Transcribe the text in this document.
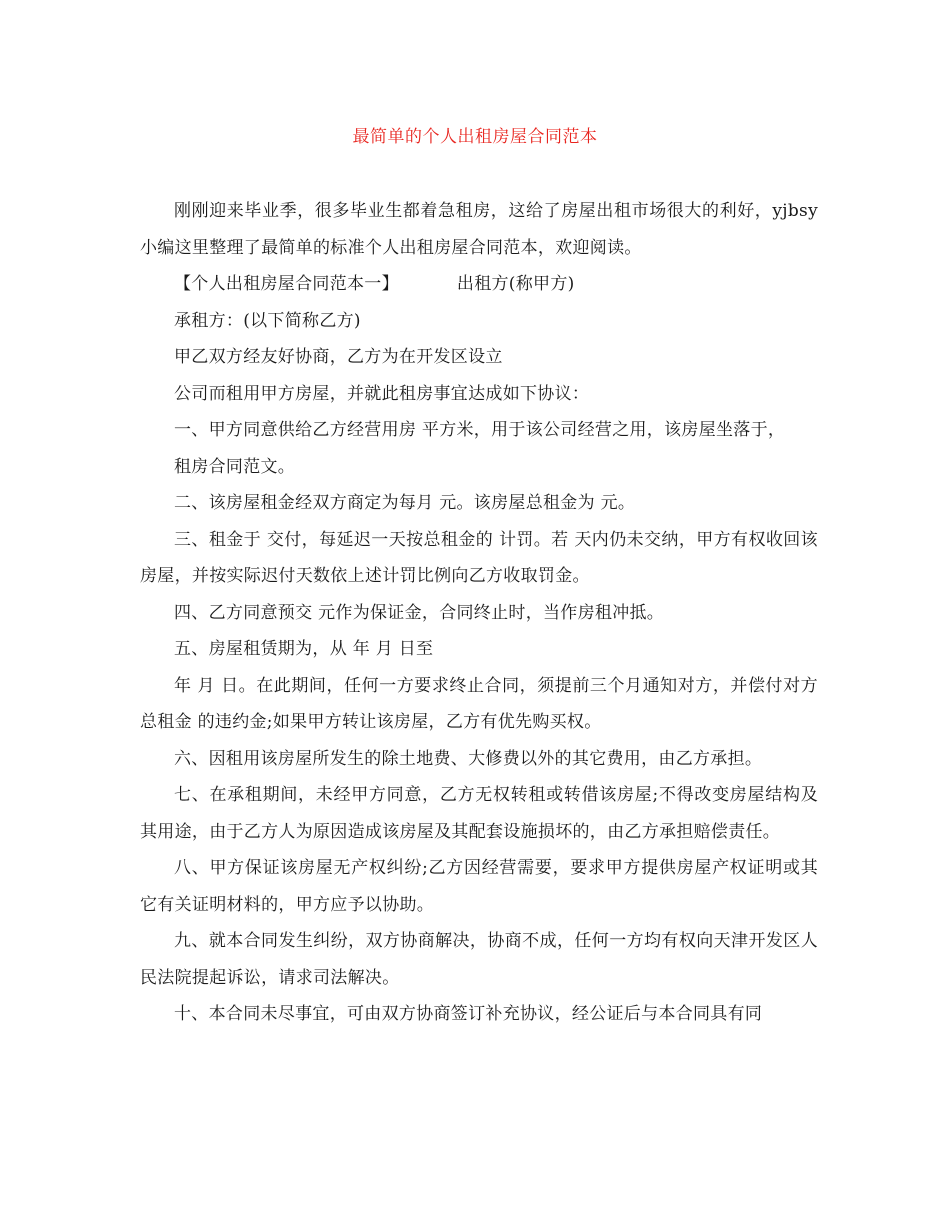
最简单的个人出租房屋合同范本

刚刚迎来毕业季，很多毕业生都着急租房，这给了房屋出租市场很大的利好，yjbsy 小编这里整理了最简单的标准个人出租房屋合同范本，欢迎阅读。

【个人出租房屋合同范本一】	出租方(称甲方)

承租方：(以下简称乙方)

甲乙双方经友好协商，乙方为在开发区设立

公司而租用甲方房屋，并就此租房事宜达成如下协议：

一、甲方同意供给乙方经营用房 平方米，用于该公司经营之用，该房屋坐落于，

租房合同范文。

二、该房屋租金经双方商定为每月 元。该房屋总租金为 元。

三、租金于 交付，每延迟一天按总租金的 计罚。若 天内仍未交纳，甲方有权收回该房屋，并按实际迟付天数依上述计罚比例向乙方收取罚金。

四、乙方同意预交 元作为保证金，合同终止时，当作房租冲抵。

五、房屋租赁期为，从 年 月 日至

年 月 日。在此期间，任何一方要求终止合同，须提前三个月通知对方，并偿付对方总租金 的违约金;如果甲方转让该房屋，乙方有优先购买权。

六、因租用该房屋所发生的除土地费、大修费以外的其它费用，由乙方承担。

七、在承租期间，未经甲方同意，乙方无权转租或转借该房屋;不得改变房屋结构及其用途，由于乙方人为原因造成该房屋及其配套设施损坏的，由乙方承担赔偿责任。

八、甲方保证该房屋无产权纠纷;乙方因经营需要，要求甲方提供房屋产权证明或其它有关证明材料的，甲方应予以协助。

九、就本合同发生纠纷，双方协商解决，协商不成，任何一方均有权向天津开发区人民法院提起诉讼，请求司法解决。

十、本合同未尽事宜，可由双方协商签订补充协议，经公证后与本合同具有同
